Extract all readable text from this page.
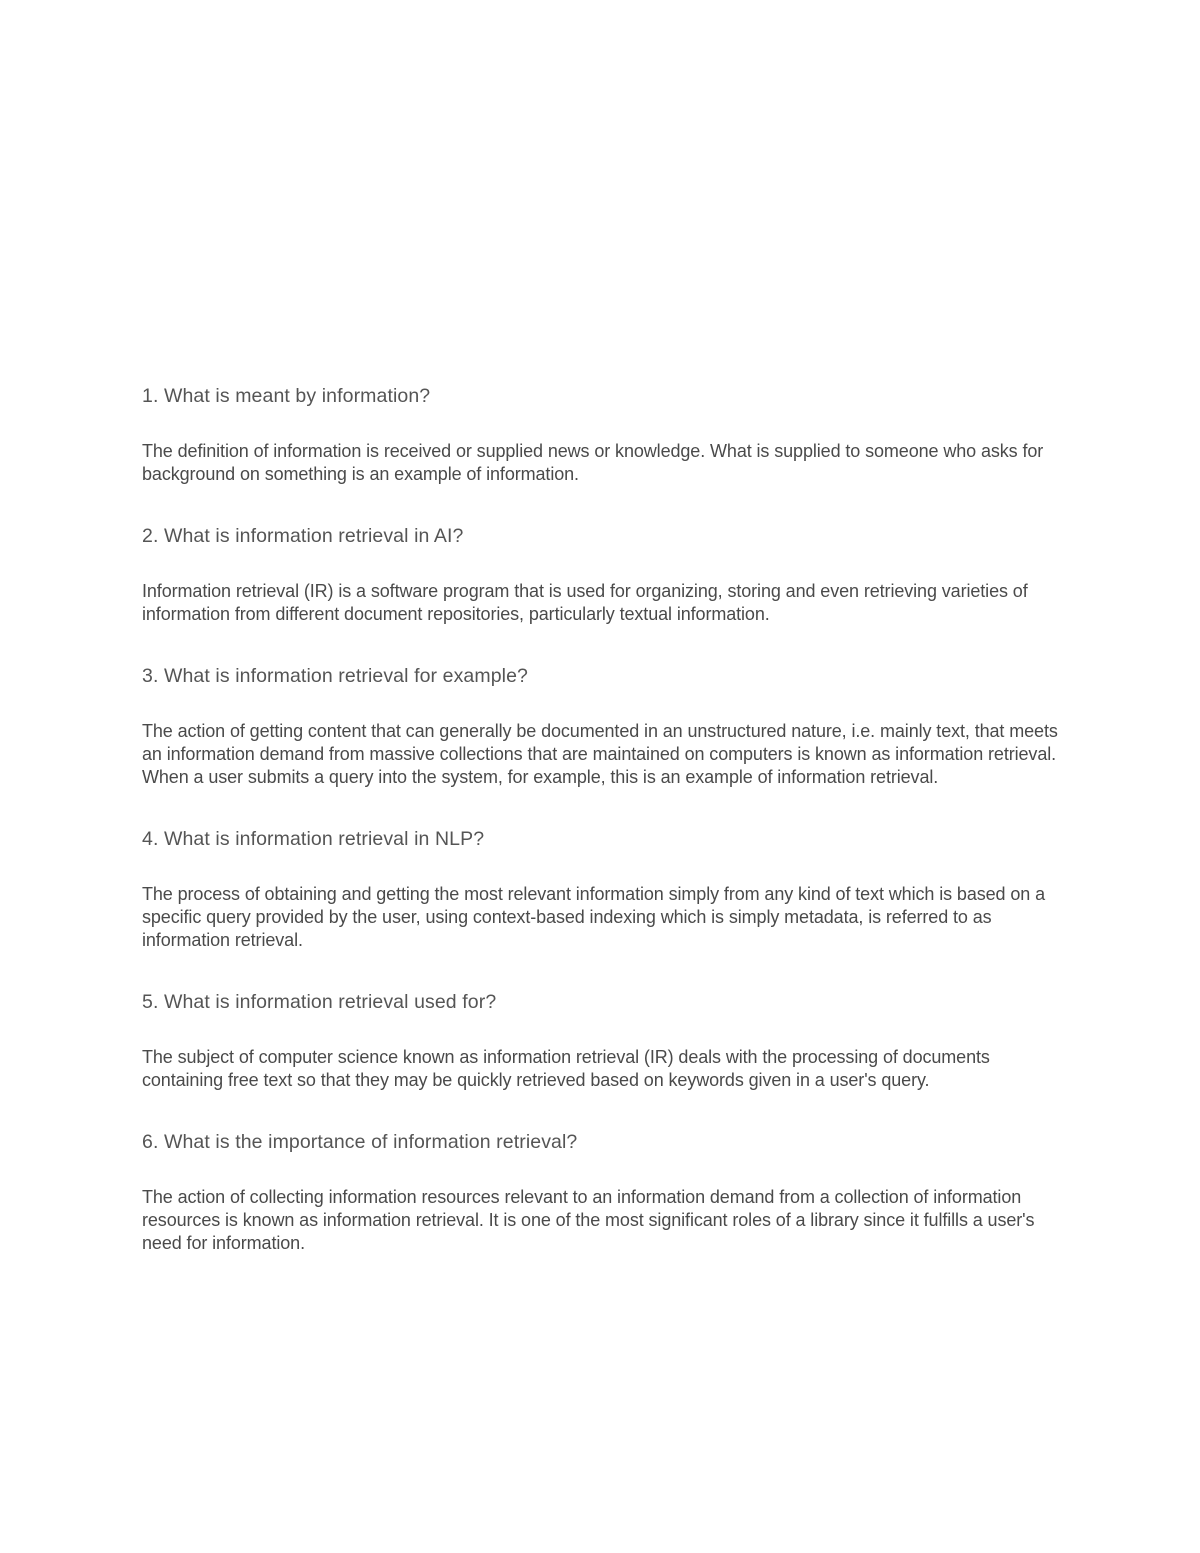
1. What is meant by information?

The definition of information is received or supplied news or knowledge. What is supplied to someone who asks for background on something is an example of information.

2. What is information retrieval in AI?

Information retrieval (IR) is a software program that is used for organizing, storing and even retrieving varieties of information from different document repositories, particularly textual information.

3. What is information retrieval for example?

The action of getting content that can generally be documented in an unstructured nature, i.e. mainly text, that meets an information demand from massive collections that are maintained on computers is known as information retrieval. When a user submits a query into the system, for example, this is an example of information retrieval.

4. What is information retrieval in NLP?

The process of obtaining and getting the most relevant information simply from any kind of text which is based on a specific query provided by the user, using context-based indexing which is simply metadata, is referred to as information retrieval.

5. What is information retrieval used for?

The subject of computer science known as information retrieval (IR) deals with the processing of documents containing free text so that they may be quickly retrieved based on keywords given in a user's query.

6. What is the importance of information retrieval?

The action of collecting information resources relevant to an information demand from a collection of information resources is known as information retrieval. It is one of the most significant roles of a library since it fulfills a user's need for information.
